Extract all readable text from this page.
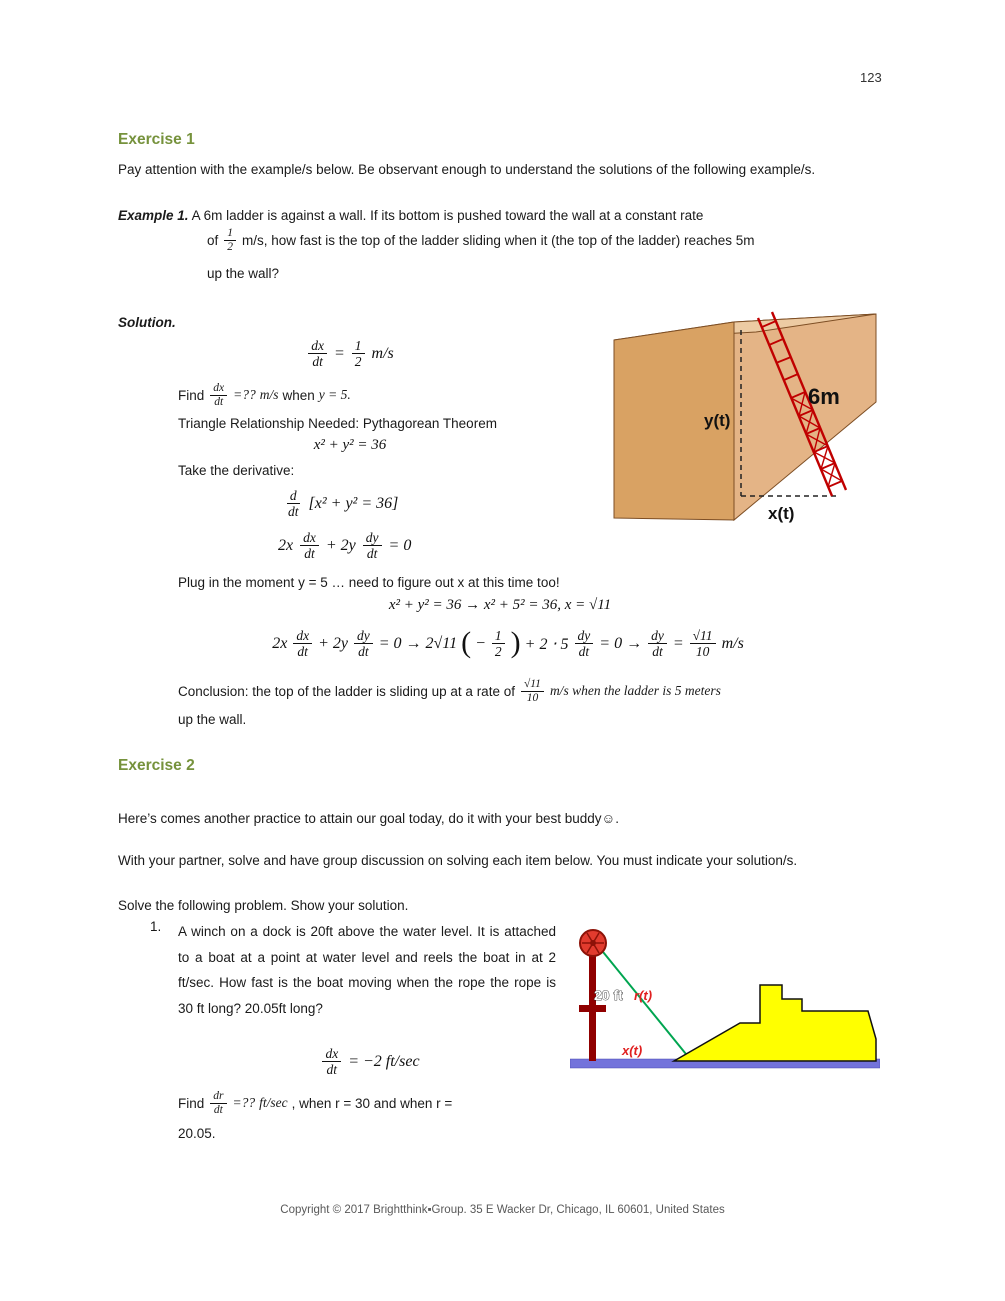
123
Exercise 1
Pay attention with the example/s below. Be observant enough to understand the solutions of the following example/s.
Example 1. A 6m ladder is against a wall. If its bottom is pushed toward the wall at a constant rate
of $\frac{1}{2} m/s$, how fast is the top of the ladder sliding when it (the top of the ladder) reaches 5m
up the wall?
Solution.
6m
y(t)
x(t)
$\frac{dx}{dt} = \frac{1}{2} m/s$
Find $\frac{dx}{dt}$ =?? m/s when y = 5.
Triangle Relationship Needed: Pythagorean Theorem
x² + y² = 36
Take the derivative:
$\frac{d}{dt} [x^2 + y^2 = 36]$
$2x \frac{dx}{dt} + 2y \frac{dy}{dt} = 0$
Plug in the moment y = 5 … need to figure out x at this time too!
x² + y² = 36 → x² + 5² = 36, x = √11
$2x \frac{dx}{dt} + 2y \frac{dy}{dt} = 0 \to 2√11$ ( − $\frac{1}{2}$ ) + $2 \cdot 5 \frac{dy}{dt} = 0 \to \frac{dy}{dt} = \frac{√11}{10} m/s$
Conclusion: the top of the ladder is sliding up at a rate of $\frac{√11}{10} m/s$ when the ladder is 5 meters
up the wall.
Exercise 2
Here’s comes another practice to attain our goal today, do it with your best buddy☺.
With your partner, solve and have group discussion on solving each item below. You must indicate your solution/s.
Solve the following problem. Show your solution.
1. A winch on a dock is 20ft above the water level. It is attached to a boat at a point at water level and reels the boat in at 2 ft/sec. How fast is the boat moving when the rope the rope is 30 ft long? 20.05ft long?
20 ft r(t)
x(t)
$\frac{dx}{dt} = -2$ ft/sec
Find $\frac{dr}{dt}$ =?? ft/sec , when r = 30 and when r =
20.05.
Copyright © 2017 Brightthink▪Group. 35 E Wacker Dr, Chicago, IL 60601, United States
